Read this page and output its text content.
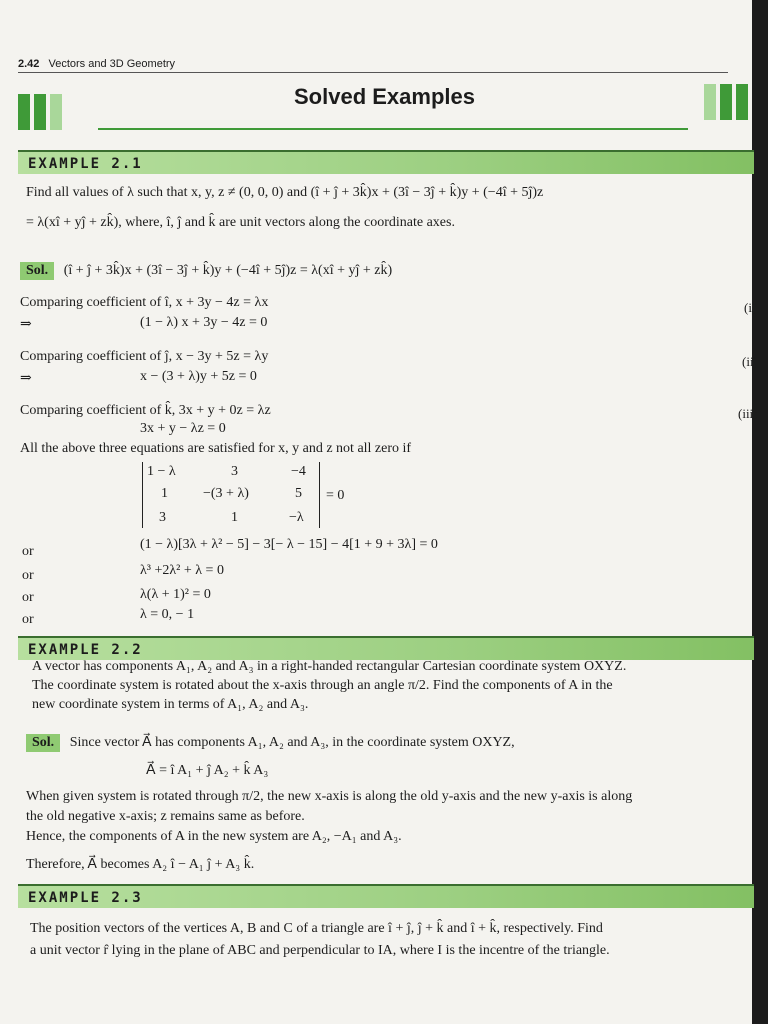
2.42 Vectors and 3D Geometry
Solved Examples
EXAMPLE 2.1
Find all values of λ such that x, y, z ≠ (0, 0, 0) and (î + ĵ + 3k̂)x + (3î − 3ĵ + k̂)y + (−4î + 5ĵ)z
= λ(xî + yĵ + zk̂), where, î, ĵ and k̂ are unit vectors along the coordinate axes.
Sol. (î + ĵ + 3k̂)x + (3î − 3ĵ + k̂)y + (−4î + 5ĵ)z = λ(xî + yĵ + zk̂)
Comparing coefficient of î, x + 3y − 4z = λx	(i)
⇒	(1 − λ) x + 3y − 4z = 0
Comparing coefficient of ĵ, x − 3y + 5z = λy	(ii)
⇒	x − (3 + λ)y + 5z = 0
Comparing coefficient of k̂, 3x + y + 0z = λz	(iii)
3x + y − λz = 0
All the above three equations are satisfied for x, y and z not all zero if
1 − λ	3	−4
1	−(3 + λ)	5
3	1	−λ
= 0
or	(1 − λ)[3λ + λ² − 5] − 3[− λ − 15] − 4[1 + 9 + 3λ] = 0
or	λ³ +2λ² + λ = 0
or	λ(λ + 1)² = 0
or	λ = 0, − 1
EXAMPLE 2.2
A vector has components A₁, A₂ and A₃ in a right-handed rectangular Cartesian coordinate system OXYZ.
The coordinate system is rotated about the x-axis through an angle π/2. Find the components of A in the
new coordinate system in terms of A₁, A₂ and A₃.
Sol. Since vector A⃗ has components A₁, A₂ and A₃, in the coordinate system OXYZ,
A⃗ = î A₁ + ĵ A₂ + k̂ A₃
When given system is rotated through π/2, the new x-axis is along the old y-axis and the new y-axis is along
the old negative x-axis; z remains same as before.
Hence, the components of A in the new system are A₂, −A₁ and A₃.
Therefore, A⃗ becomes A₂ î − A₁ ĵ + A₃ k̂.
EXAMPLE 2.3
The position vectors of the vertices A, B and C of a triangle are î + ĵ, ĵ + k̂ and î + k̂, respectively. Find
a unit vector r̂ lying in the plane of ABC and perpendicular to IA, where I is the incentre of the triangle.
